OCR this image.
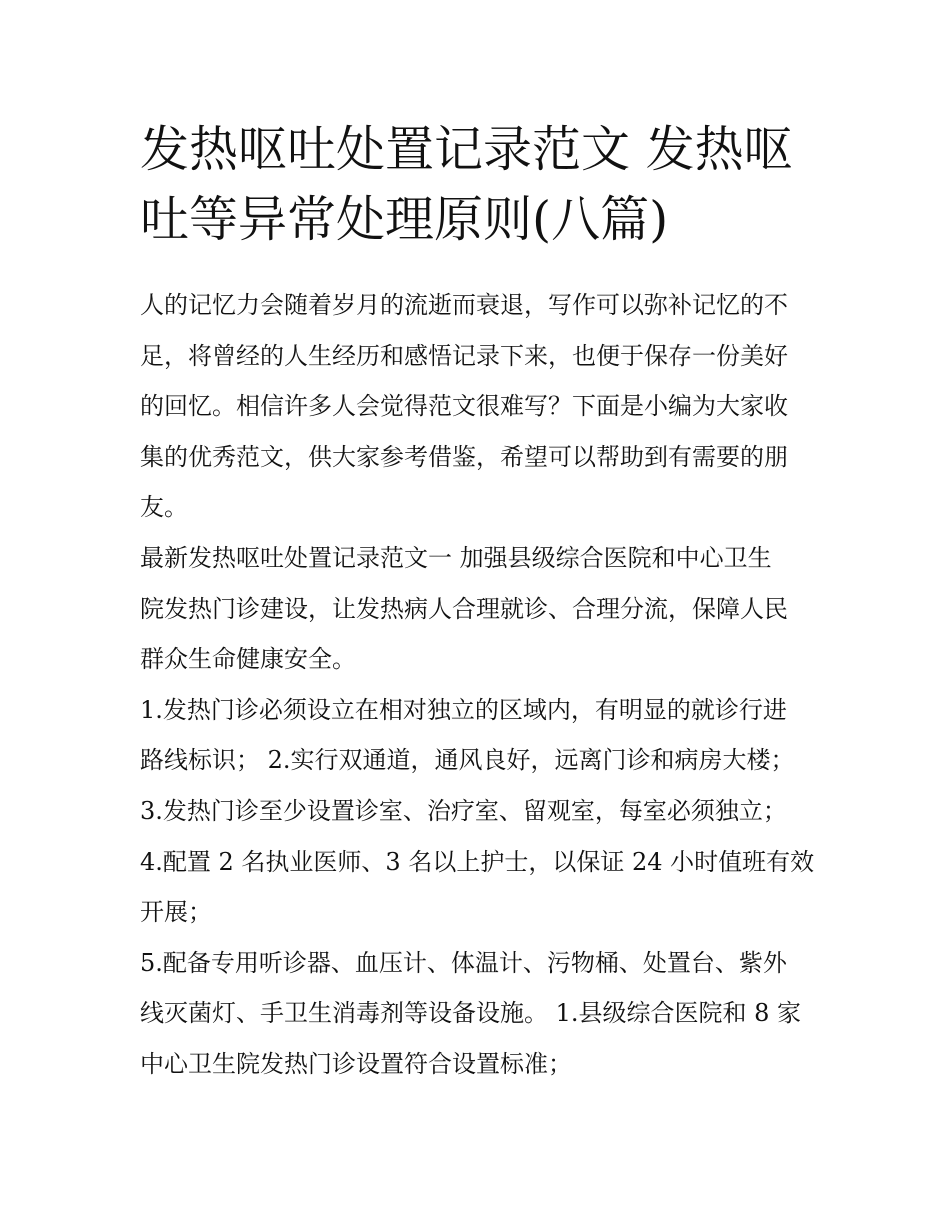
发热呕吐处置记录范文 发热呕
吐等异常处理原则(八篇)
人的记忆力会随着岁月的流逝而衰退，写作可以弥补记忆的不
足，将曾经的人生经历和感悟记录下来，也便于保存一份美好
的回忆。相信许多人会觉得范文很难写？下面是小编为大家收
集的优秀范文，供大家参考借鉴，希望可以帮助到有需要的朋
友。
最新发热呕吐处置记录范文一 加强县级综合医院和中心卫生
院发热门诊建设，让发热病人合理就诊、合理分流，保障人民
群众生命健康安全。
1.发热门诊必须设立在相对独立的区域内，有明显的就诊行进
路线标识； 2.实行双通道，通风良好，远离门诊和病房大楼；
3.发热门诊至少设置诊室、治疗室、留观室，每室必须独立；
4.配置 2 名执业医师、3 名以上护士，以保证 24 小时值班有效
开展；
5.配备专用听诊器、血压计、体温计、污物桶、处置台、紫外
线灭菌灯、手卫生消毒剂等设备设施。 1.县级综合医院和 8 家
中心卫生院发热门诊设置符合设置标准；
